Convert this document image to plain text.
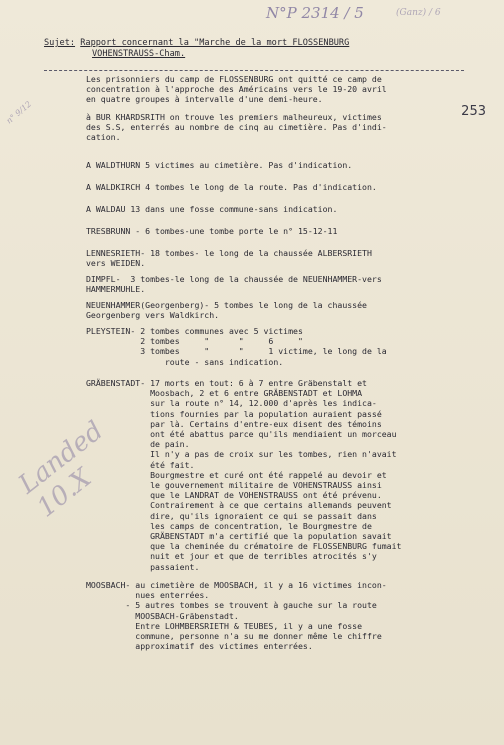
N°P 2314 / 5	(Ganz) / 6
n° 9/12	253
Landed 10.X
Sujet: Rapport concernant la "Marche de la mort FLOSSENBURG
VOHENSTRAUSS-Cham.
Les prisonniers du camp de FLOSSENBURG ont quitté ce camp de
concentration à l'approche des Américains vers le 19-20 avril
en quatre groupes à intervalle d'une demi-heure.
à BUR KHARDSRITH on trouve les premiers malheureux, victimes
des S.S, enterrés au nombre de cinq au cimetière. Pas d'indi-
cation.
A WALDTHURN 5 victimes au cimetière. Pas d'indication.
A WALDKIRCH 4 tombes le long de la route. Pas d'indication.
A WALDAU 13 dans une fosse commune-sans indication.
TRESBRUNN - 6 tombes-une tombe porte le n° 15-12-11
LENNESRIETH- 18 tombes- le long de la chaussée ALBERSRIETH
vers WEIDEN.
DIMPFL-  3 tombes-le long de la chaussée de NEUENHAMMER-vers
HAMMERMUHLE.
NEUENHAMMER(Georgenberg)- 5 tombes le long de la chaussée
Georgenberg vers Waldkirch.
PLEYSTEIN- 2 tombes communes avec 5 victimes
2 tombes     "      "     6     "
3 tombes     "      "     1 victime, le long de la
route - sans indication.
GRÄBENSTADT- 17 morts en tout: 6 à 7 entre Gräbenstalt et
Moosbach, 2 et 6 entre GRÄBENSTADT et LOHMA
sur la route n° 14, 12.000 d'après les indica-
tions fournies par la population auraient passé
par là. Certains d'entre-eux disent des témoins
ont été abattus parce qu'ils mendiaient un morceau
de pain.
Il n'y a pas de croix sur les tombes, rien n'avait
été fait.
Bourgmestre et curé ont été rappelé au devoir et
le gouvernement militaire de VOHENSTRAUSS ainsi
que le LANDRAT de VOHENSTRAUSS ont été prévenu.
Contrairement à ce que certains allemands peuvent
dire, qu'ils ignoraient ce qui se passait dans
les camps de concentration, le Bourgmestre de
GRÄBENSTADT m'a certifié que la population savait
que la cheminée du crématoire de FLOSSENBURG fumait
nuit et jour et que de terribles atrocités s'y
passaient.
MOOSBACH- au cimetière de MOOSBACH, il y a 16 victimes incon-
nues enterrées.
- 5 autres tombes se trouvent à gauche sur la route
MOOSBACH-Gräbenstadt.
Entre LOHMBERSRIETH & TEUBES, il y a une fosse
commune, personne n'a su me donner même le chiffre
approximatif des victimes enterrées.
